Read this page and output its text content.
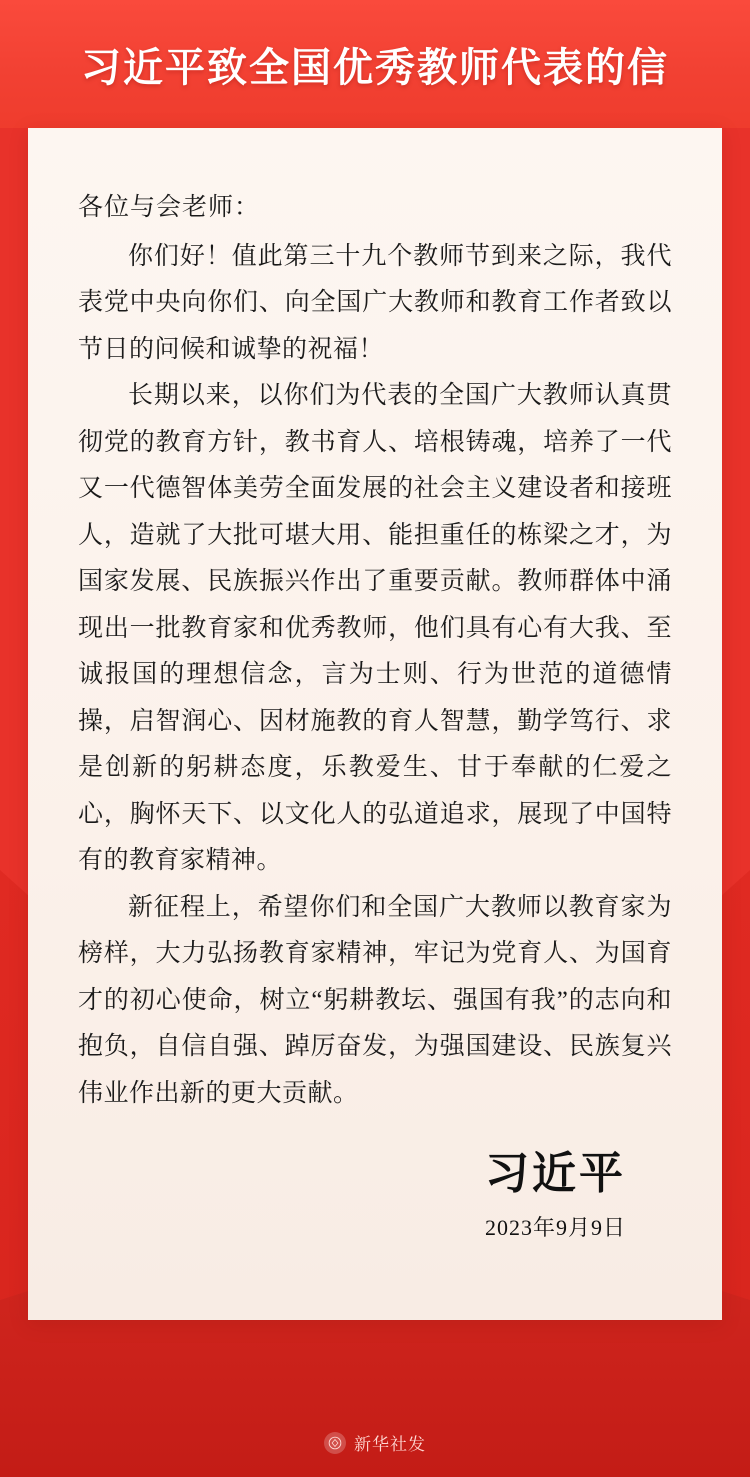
习近平致全国优秀教师代表的信

各位与会老师：

你们好！值此第三十九个教师节到来之际，我代表党中央向你们、向全国广大教师和教育工作者致以节日的问候和诚挚的祝福！

长期以来，以你们为代表的全国广大教师认真贯彻党的教育方针，教书育人、培根铸魂，培养了一代又一代德智体美劳全面发展的社会主义建设者和接班人，造就了大批可堪大用、能担重任的栋梁之才，为国家发展、民族振兴作出了重要贡献。教师群体中涌现出一批教育家和优秀教师，他们具有心有大我、至诚报国的理想信念，言为士则、行为世范的道德情操，启智润心、因材施教的育人智慧，勤学笃行、求是创新的躬耕态度，乐教爱生、甘于奉献的仁爱之心，胸怀天下、以文化人的弘道追求，展现了中国特有的教育家精神。

新征程上，希望你们和全国广大教师以教育家为榜样，大力弘扬教育家精神，牢记为党育人、为国育才的初心使命，树立“躬耕教坛、强国有我”的志向和抱负，自信自强、踔厉奋发，为强国建设、民族复兴伟业作出新的更大贡献。

习近平
2023年9月9日
新华社发
